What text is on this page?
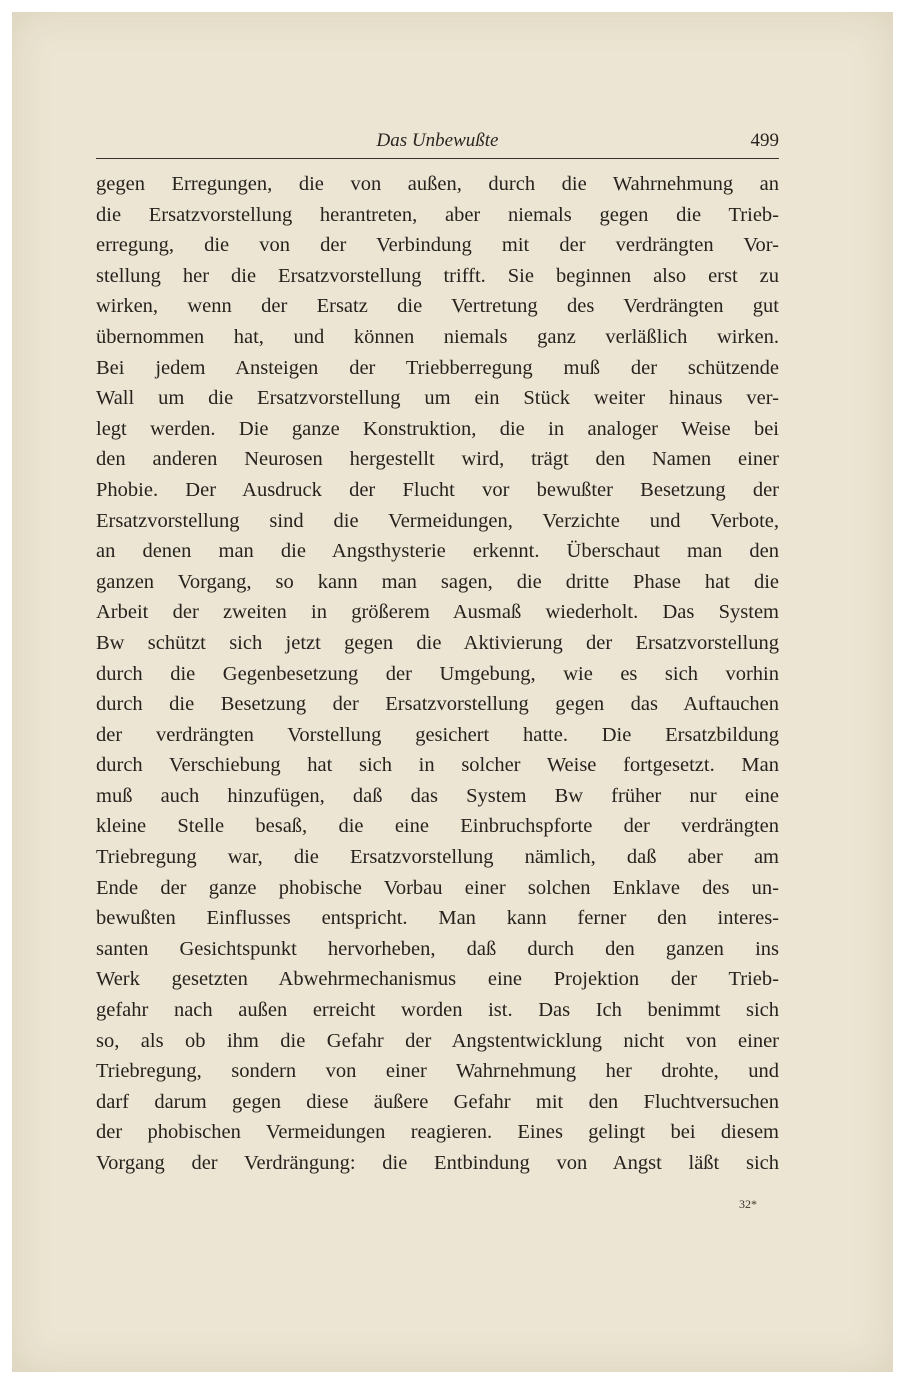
Das Unbewußte	499
gegen Erregungen, die von außen, durch die Wahrnehmung an
die Ersatzvorstellung herantreten, aber niemals gegen die Trieb-
erregung, die von der Verbindung mit der verdrängten Vor-
stellung her die Ersatzvorstellung trifft. Sie beginnen also erst zu
wirken, wenn der Ersatz die Vertretung des Verdrängten gut
übernommen hat, und können niemals ganz verläßlich wirken.
Bei jedem Ansteigen der Triebberregung muß der schützende
Wall um die Ersatzvorstellung um ein Stück weiter hinaus ver-
legt werden. Die ganze Konstruktion, die in analoger Weise bei
den anderen Neurosen hergestellt wird, trägt den Namen einer
Phobie. Der Ausdruck der Flucht vor bewußter Besetzung der
Ersatzvorstellung sind die Vermeidungen, Verzichte und Verbote,
an denen man die Angsthysterie erkennt. Überschaut man den
ganzen Vorgang, so kann man sagen, die dritte Phase hat die
Arbeit der zweiten in größerem Ausmaß wiederholt. Das System
Bw schützt sich jetzt gegen die Aktivierung der Ersatzvorstellung
durch die Gegenbesetzung der Umgebung, wie es sich vorhin
durch die Besetzung der Ersatzvorstellung gegen das Auftauchen
der verdrängten Vorstellung gesichert hatte. Die Ersatzbildung
durch Verschiebung hat sich in solcher Weise fortgesetzt. Man
muß auch hinzufügen, daß das System Bw früher nur eine
kleine Stelle besaß, die eine Einbruchspforte der verdrängten
Triebregung war, die Ersatzvorstellung nämlich, daß aber am
Ende der ganze phobische Vorbau einer solchen Enklave des un-
bewußten Einflusses entspricht. Man kann ferner den interes-
santen Gesichtspunkt hervorheben, daß durch den ganzen ins
Werk gesetzten Abwehrmechanismus eine Projektion der Trieb-
gefahr nach außen erreicht worden ist. Das Ich benimmt sich
so, als ob ihm die Gefahr der Angstentwicklung nicht von einer
Triebregung, sondern von einer Wahrnehmung her drohte, und
darf darum gegen diese äußere Gefahr mit den Fluchtversuchen
der phobischen Vermeidungen reagieren. Eines gelingt bei diesem
Vorgang der Verdrängung: die Entbindung von Angst läßt sich
32*
